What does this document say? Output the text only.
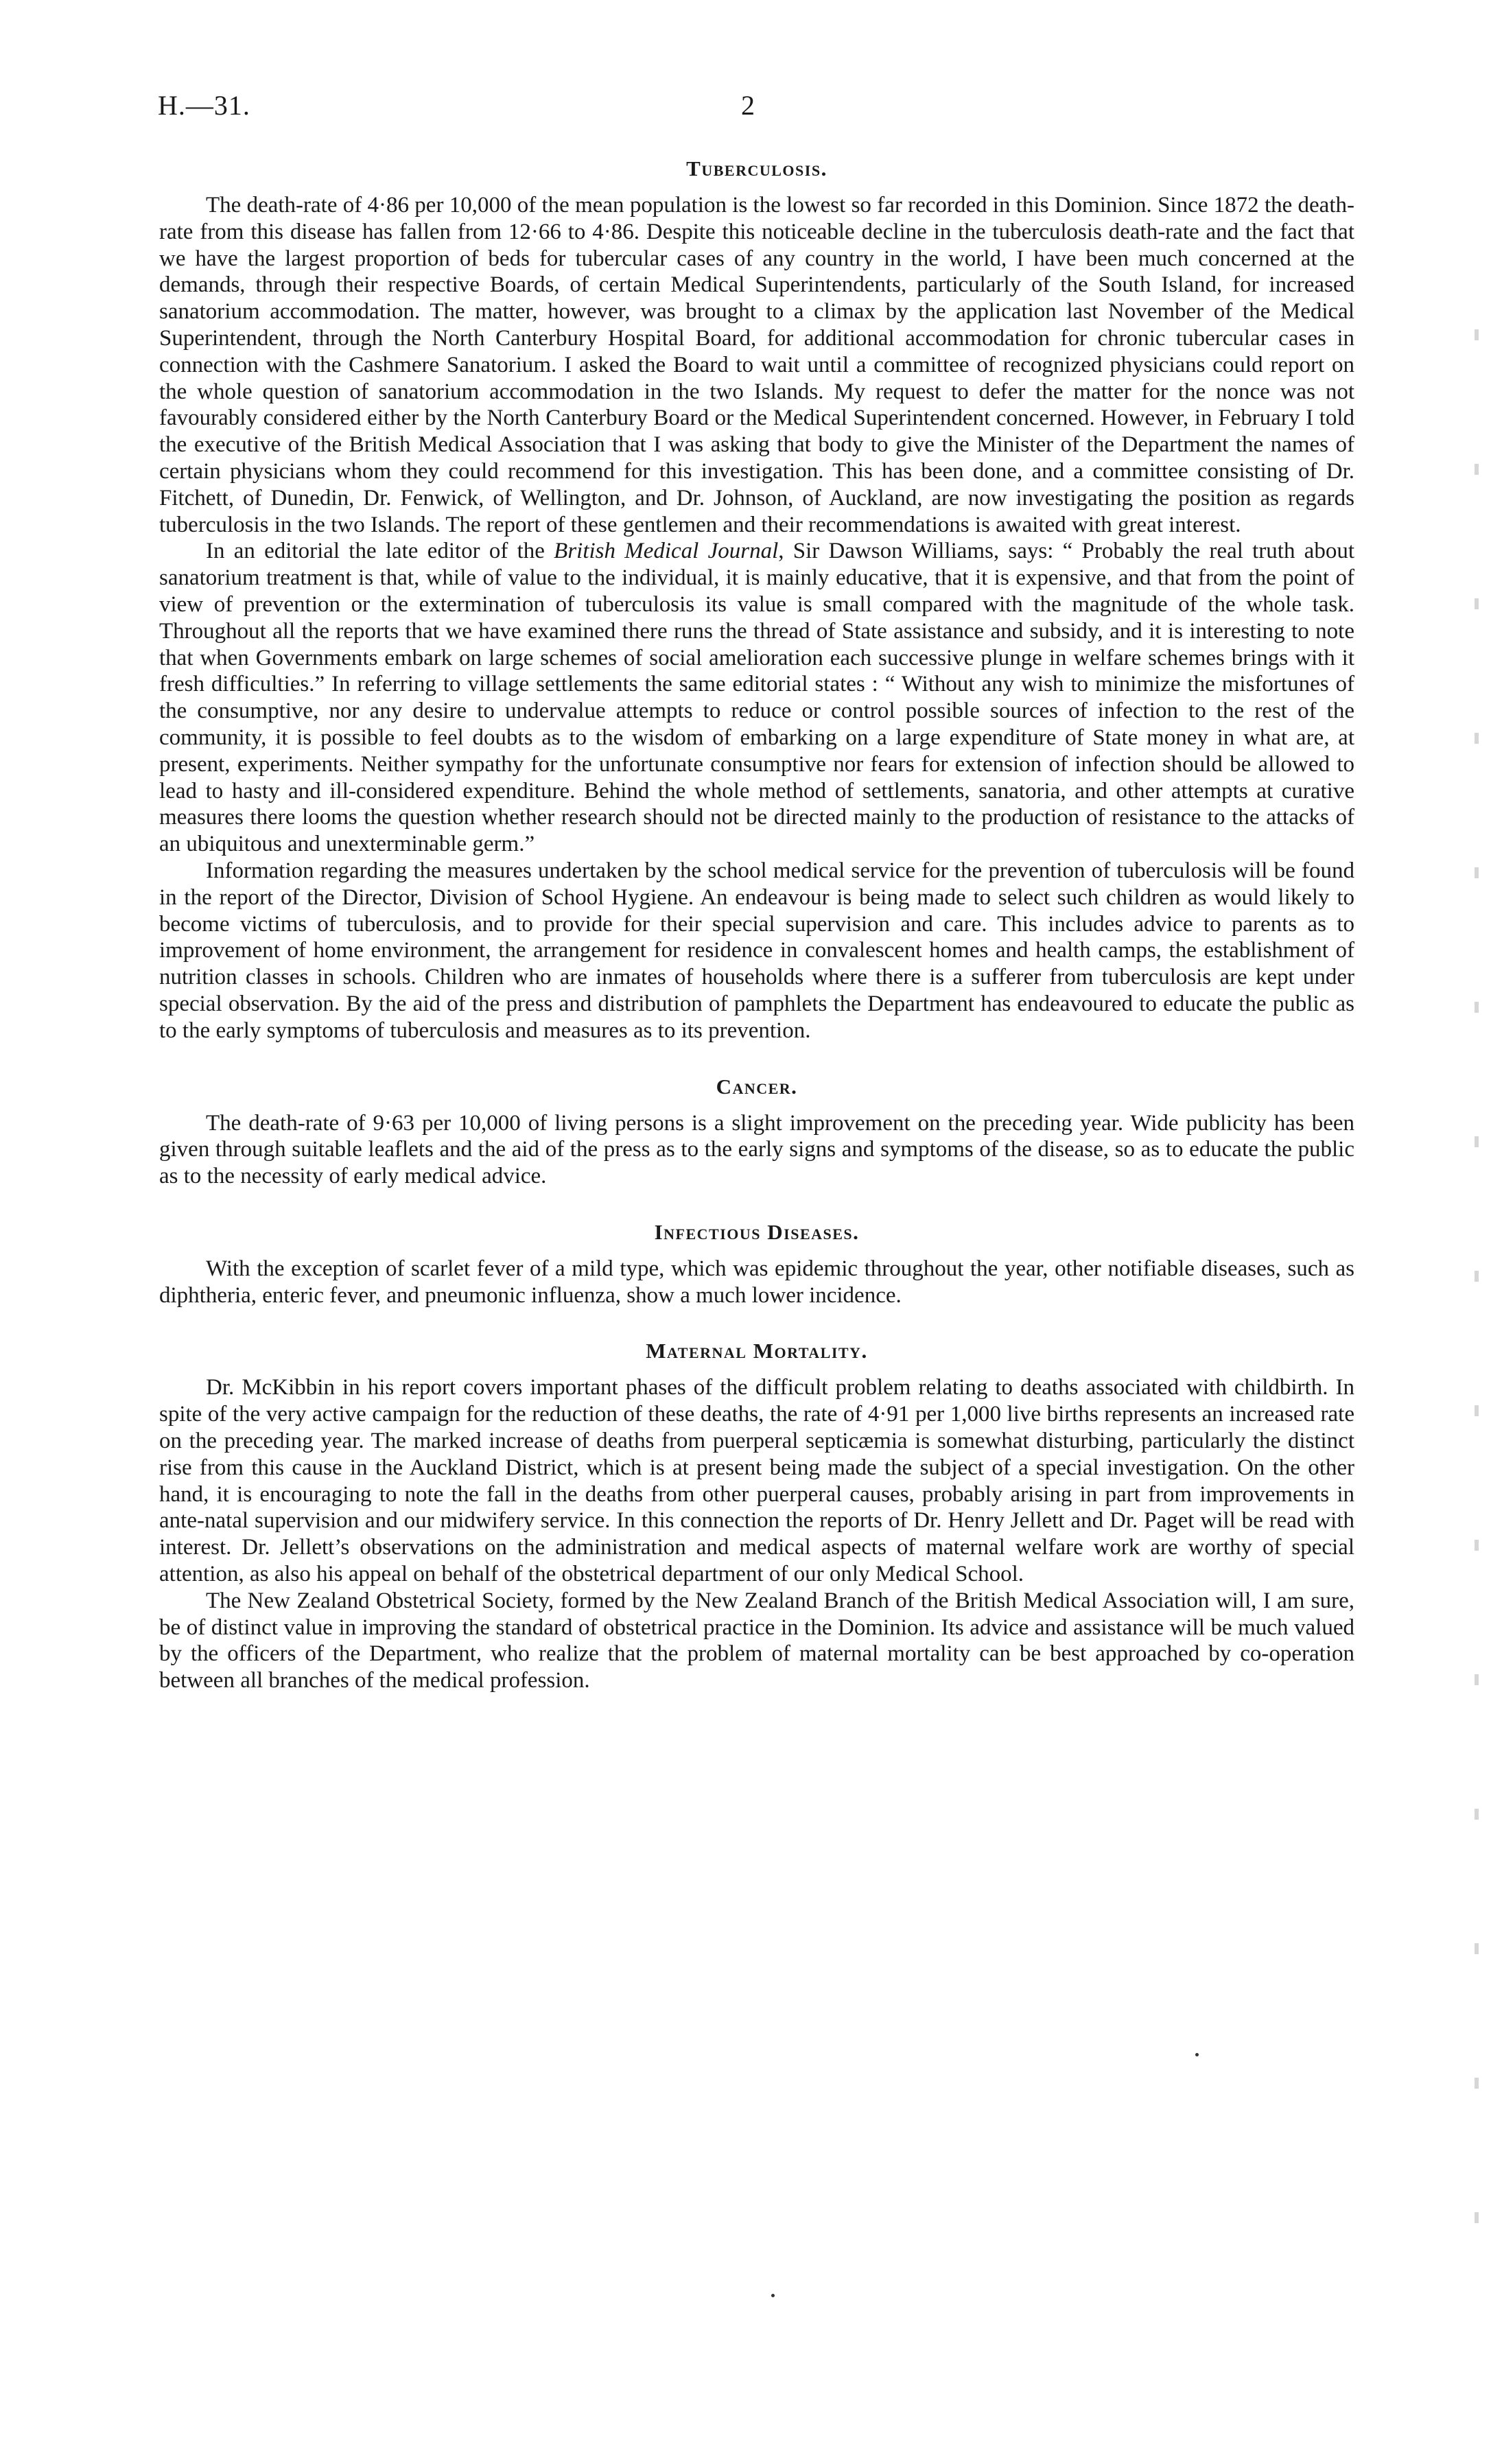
H.—31.	2
Tuberculosis.

The death-rate of 4·86 per 10,000 of the mean population is the lowest so far recorded in this Dominion. Since 1872 the death-rate from this disease has fallen from 12·66 to 4·86. Despite this noticeable decline in the tuberculosis death-rate and the fact that we have the largest proportion of beds for tubercular cases of any country in the world, I have been much concerned at the demands, through their respective Boards, of certain Medical Superintendents, particularly of the South Island, for increased sanatorium accommodation. The matter, however, was brought to a climax by the application last November of the Medical Superintendent, through the North Canterbury Hospital Board, for additional accommodation for chronic tubercular cases in connection with the Cashmere Sanatorium. I asked the Board to wait until a committee of recognized physicians could report on the whole question of sanatorium accommodation in the two Islands. My request to defer the matter for the nonce was not favourably considered either by the North Canterbury Board or the Medical Superintendent concerned. However, in February I told the executive of the British Medical Association that I was asking that body to give the Minister of the Department the names of certain physicians whom they could recommend for this investigation. This has been done, and a committee consisting of Dr. Fitchett, of Dunedin, Dr. Fenwick, of Wellington, and Dr. Johnson, of Auckland, are now investigating the position as regards tuberculosis in the two Islands. The report of these gentlemen and their recommendations is awaited with great interest.

In an editorial the late editor of the British Medical Journal, Sir Dawson Williams, says: “ Probably the real truth about sanatorium treatment is that, while of value to the individual, it is mainly educative, that it is expensive, and that from the point of view of prevention or the extermination of tuberculosis its value is small compared with the magnitude of the whole task. Throughout all the reports that we have examined there runs the thread of State assistance and subsidy, and it is interesting to note that when Governments embark on large schemes of social amelioration each successive plunge in welfare schemes brings with it fresh difficulties.” In referring to village settlements the same editorial states : “ Without any wish to minimize the misfortunes of the consumptive, nor any desire to undervalue attempts to reduce or control possible sources of infection to the rest of the community, it is possible to feel doubts as to the wisdom of embarking on a large expenditure of State money in what are, at present, experiments. Neither sympathy for the unfortunate consumptive nor fears for extension of infection should be allowed to lead to hasty and ill-considered expenditure. Behind the whole method of settlements, sanatoria, and other attempts at curative measures there looms the question whether research should not be directed mainly to the production of resistance to the attacks of an ubiquitous and unexterminable germ.”

Information regarding the measures undertaken by the school medical service for the prevention of tuberculosis will be found in the report of the Director, Division of School Hygiene. An endeavour is being made to select such children as would likely to become victims of tuberculosis, and to provide for their special supervision and care. This includes advice to parents as to improvement of home environment, the arrangement for residence in convalescent homes and health camps, the establishment of nutrition classes in schools. Children who are inmates of households where there is a sufferer from tuberculosis are kept under special observation. By the aid of the press and distribution of pamphlets the Department has endeavoured to educate the public as to the early symptoms of tuberculosis and measures as to its prevention.

Cancer.

The death-rate of 9·63 per 10,000 of living persons is a slight improvement on the preceding year. Wide publicity has been given through suitable leaflets and the aid of the press as to the early signs and symptoms of the disease, so as to educate the public as to the necessity of early medical advice.

Infectious Diseases.

With the exception of scarlet fever of a mild type, which was epidemic throughout the year, other notifiable diseases, such as diphtheria, enteric fever, and pneumonic influenza, show a much lower incidence.

Maternal Mortality.

Dr. McKibbin in his report covers important phases of the difficult problem relating to deaths associated with childbirth. In spite of the very active campaign for the reduction of these deaths, the rate of 4·91 per 1,000 live births represents an increased rate on the preceding year. The marked increase of deaths from puerperal septicæmia is somewhat disturbing, particularly the distinct rise from this cause in the Auckland District, which is at present being made the subject of a special investigation. On the other hand, it is encouraging to note the fall in the deaths from other puerperal causes, probably arising in part from improvements in ante-natal supervision and our midwifery service. In this connection the reports of Dr. Henry Jellett and Dr. Paget will be read with interest. Dr. Jellett’s observations on the administration and medical aspects of maternal welfare work are worthy of special attention, as also his appeal on behalf of the obstetrical department of our only Medical School.

The New Zealand Obstetrical Society, formed by the New Zealand Branch of the British Medical Association will, I am sure, be of distinct value in improving the standard of obstetrical practice in the Dominion. Its advice and assistance will be much valued by the officers of the Department, who realize that the problem of maternal mortality can be best approached by co-operation between all branches of the medical profession.
